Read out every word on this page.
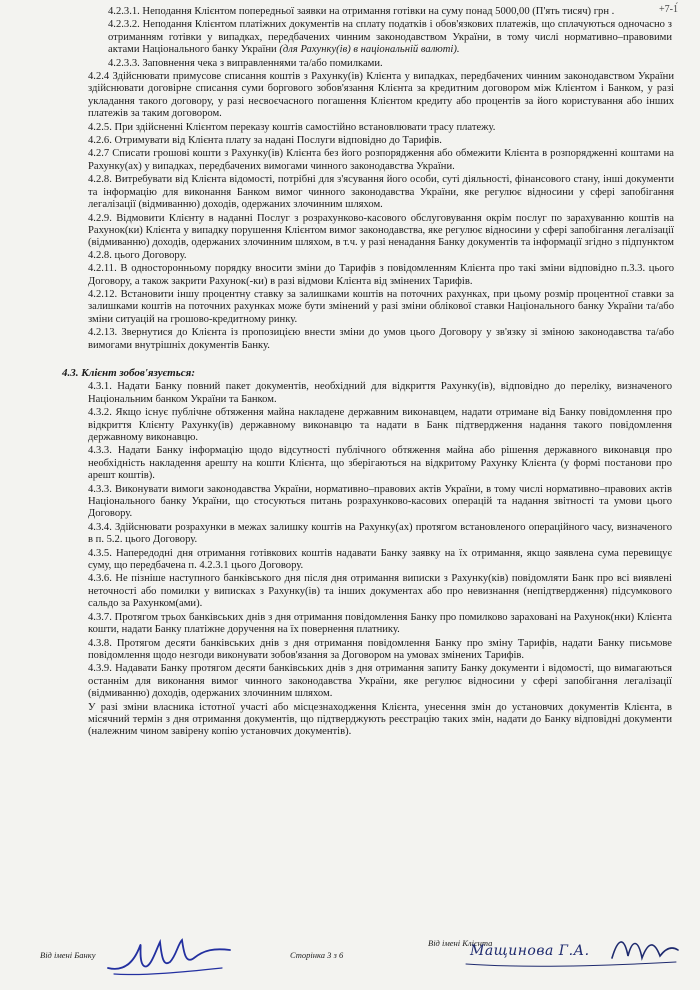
+7-1́

4.2.3.1. Неподання Клієнтом попередньої заявки на отримання готівки на суму понад 5000,00 (П'ять тисяч) грн .

4.2.3.2. Неподання Клієнтом платіжних документів на сплату податків і обов'язкових платежів, що сплачуються одночасно з отриманням готівки у випадках, передбачених чинним законодавством України, в тому числі нормативно–правовими актами Національного банку України (для Рахунку(ів) в національній валюті).

4.2.3.3. Заповнення чека з виправленнями та/або помилками.

4.2.4 Здійснювати примусове списання коштів з Рахунку(ів) Клієнта у випадках, передбачених чинним законодавством України здійснювати договірне списання суми боргового зобов'язання Клієнта за кредитним договором між Клієнтом і Банком, у разі укладання такого договору, у разі несвоєчасного погашення Клієнтом кредиту або процентів за його користування або інших платежів за таким договором.

4.2.5. При здійсненні Клієнтом переказу коштів самостійно встановлювати трасу платежу.

4.2.6. Отримувати від Клієнта плату за надані Послуги відповідно до Тарифів.

4.2.7 Списати грошові кошти з Рахунку(ів) Клієнта без його розпорядження або обмежити Клієнта в розпорядженні коштами на Рахунку(ах) у випадках, передбачених вимогами чинного законодавства України.

4.2.8. Витребувати від Клієнта відомості, потрібні для з'ясування його особи, суті діяльності, фінансового стану, інші документи та інформацію для виконання Банком вимог чинного законодавства України, яке регулює відносини у сфері запобігання легалізації (відмиванню) доходів, одержаних злочинним шляхом.

4.2.9. Відмовити Клієнту в наданні Послуг з розрахунково-касового обслуговування окрім послуг по зарахуванню коштів на Рахунок(ки) Клієнта у випадку порушення Клієнтом вимог законодавства, яке регулює відносини у сфері запобігання легалізації (відмиванню) доходів, одержаних злочинним шляхом, в т.ч. у разі ненадання Банку документів та інформації згідно з підпунктом 4.2.8. цього Договору.

4.2.11. В односторонньому порядку вносити зміни до Тарифів з повідомленням Клієнта про такі зміни відповідно п.3.3. цього Договору, а також закрити Рахунок(-ки) в разі відмови Клієнта від змінених Тарифів.

4.2.12. Встановити іншу процентну ставку за залишками коштів на поточних рахунках, при цьому розмір процентної ставки за залишками коштів на поточних рахунках може бути змінений у разі зміни облікової ставки Національного банку України та/або зміни ситуацій на грошово-кредитному ринку.

4.2.13. Звернутися до Клієнта із пропозицією внести зміни до умов цього Договору у зв'язку зі зміною законодавства та/або вимогами внутрішніх документів Банку.

4.3. Клієнт зобов'язується:

4.3.1. Надати Банку повний пакет документів, необхідний для відкриття Рахунку(ів), відповідно до переліку, визначеного Національним банком України та Банком.

4.3.2. Якщо існує публічне обтяження майна накладене державним виконавцем, надати отримане від Банку повідомлення про відкриття Клієнту Рахунку(ів) державному виконавцю та надати в Банк підтвердження надання такого повідомлення державному виконавцю.

4.3.3. Надати Банку інформацію щодо відсутності публічного обтяження майна або рішення державного виконавця про необхідність накладення арешту на кошти Клієнта, що зберігаються на відкритому Рахунку Клієнта (у формі постанови про арешт коштів).

4.3.3. Виконувати вимоги законодавства України, нормативно–правових актів України, в тому числі нормативно–правових актів Національного банку України, що стосуються питань розрахунково-касових операцій та надання звітності та умови цього Договору.

4.3.4. Здійснювати розрахунки в межах залишку коштів на Рахунку(ах) протягом встановленого операційного часу, визначеного в п. 5.2. цього Договору.

4.3.5. Напередодні дня отримання готівкових коштів надавати Банку заявку на їх отримання, якщо заявлена сума перевищує суму, що передбачена п. 4.2.3.1 цього Договору.

4.3.6. Не пізніше наступного банківського дня після дня отримання виписки з Рахунку(ків) повідомляти Банк про всі виявлені неточності або помилки у виписках з Рахунку(ів) та інших документах або про невизнання (непідтвердження) підсумкового сальдо за Рахунком(ами).

4.3.7. Протягом трьох банківських днів з дня отримання повідомлення Банку про помилково зараховані на Рахунок(нки) Клієнта кошти, надати Банку платіжне доручення на їх повернення платнику.

4.3.8. Протягом десяти банківських днів з дня отримання повідомлення Банку про зміну Тарифів, надати Банку письмове повідомлення щодо незгоди виконувати зобов'язання за Договором на умовах змінених Тарифів.

4.3.9. Надавати Банку протягом десяти банківських днів з дня отримання запиту Банку документи і відомості, що вимагаються останнім для виконання вимог чинного законодавства України, яке регулює відносини у сфері запобігання легалізації (відмиванню) доходів, одержаних злочинним шляхом.

У разі зміни власника істотної участі або місцезнаходження Клієнта, унесення змін до установчих документів Клієнта, в місячний термін з дня отримання документів, що підтверджують реєстрацію таких змін, надати до Банку відповідні документи (належним чином завірену копію установчих документів).

Від імені Банку	Сторінка 3 з 6
Від імені Клієнта
Мащинова Г.А.
